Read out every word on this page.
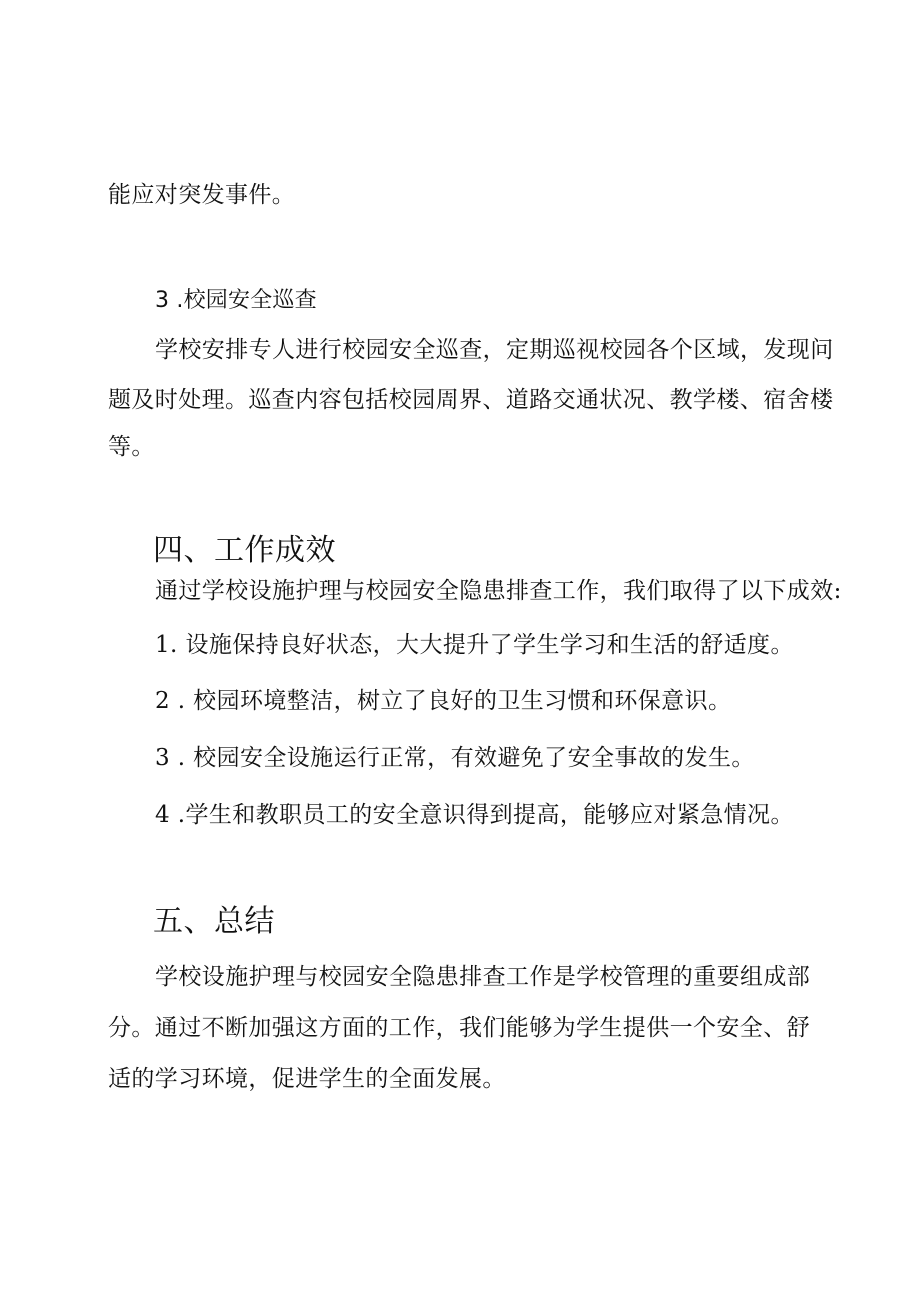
能应对突发事件。

3 .校园安全巡查

学校安排专人进行校园安全巡查，定期巡视校园各个区域，发现问

题及时处理。巡查内容包括校园周界、道路交通状况、教学楼、宿舍楼

等。

四、工作成效

通过学校设施护理与校园安全隐患排查工作，我们取得了以下成效:

1. 设施保持良好状态，大大提升了学生学习和生活的舒适度。

2 . 校园环境整洁，树立了良好的卫生习惯和环保意识。

3 . 校园安全设施运行正常，有效避免了安全事故的发生。

4 .学生和教职员工的安全意识得到提高，能够应对紧急情况。

五、总结

学校设施护理与校园安全隐患排查工作是学校管理的重要组成部

分。通过不断加强这方面的工作，我们能够为学生提供一个安全、舒

适的学习环境，促进学生的全面发展。
